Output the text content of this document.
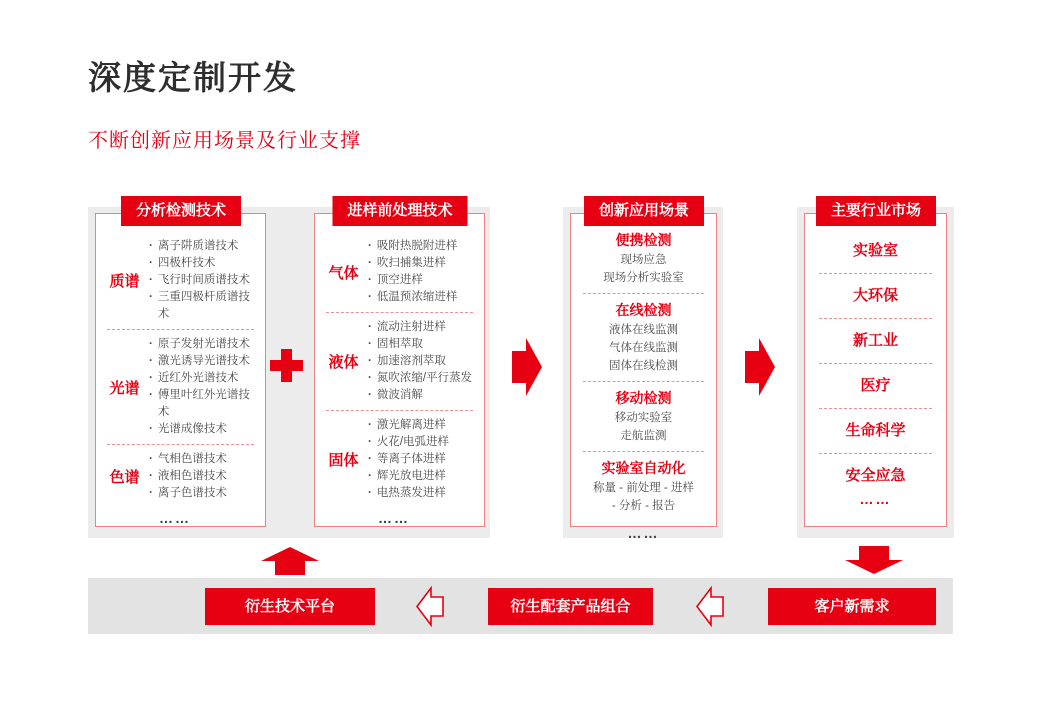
深度定制开发
不断创新应用场景及行业支撑
质谱
· 离子阱质谱技术
· 四极杆技术
· 飞行时间质谱技术
· 三重四极杆质谱技术
光谱
· 原子发射光谱技术
· 激光诱导光谱技术
· 近红外光谱技术
· 傅里叶红外光谱技术
· 光谱成像技术
色谱
· 气相色谱技术
· 液相色谱技术
· 离子色谱技术
……
分析检测技术
气体
· 吸附热脱附进样
· 吹扫捕集进样
· 顶空进样
· 低温预浓缩进样
液体
· 流动注射进样
· 固相萃取
· 加速溶剂萃取
· 氮吹浓缩/平行蒸发
· 微波消解
固体
· 激光解离进样
· 火花/电弧进样
· 等离子体进样
· 辉光放电进样
· 电热蒸发进样
……
进样前处理技术
便携检测
现场应急
现场分析实验室
在线检测
液体在线监测
气体在线监测
固体在线检测
移动检测
移动实验室
走航监测
实验室自动化
称量 - 前处理 - 进样
- 分析 - 报告
……
创新应用场景
实验室
大环保
新工业
医疗
生命科学
安全应急
……
主要行业市场
衍生技术平台	衍生配套产品组合	客户新需求
